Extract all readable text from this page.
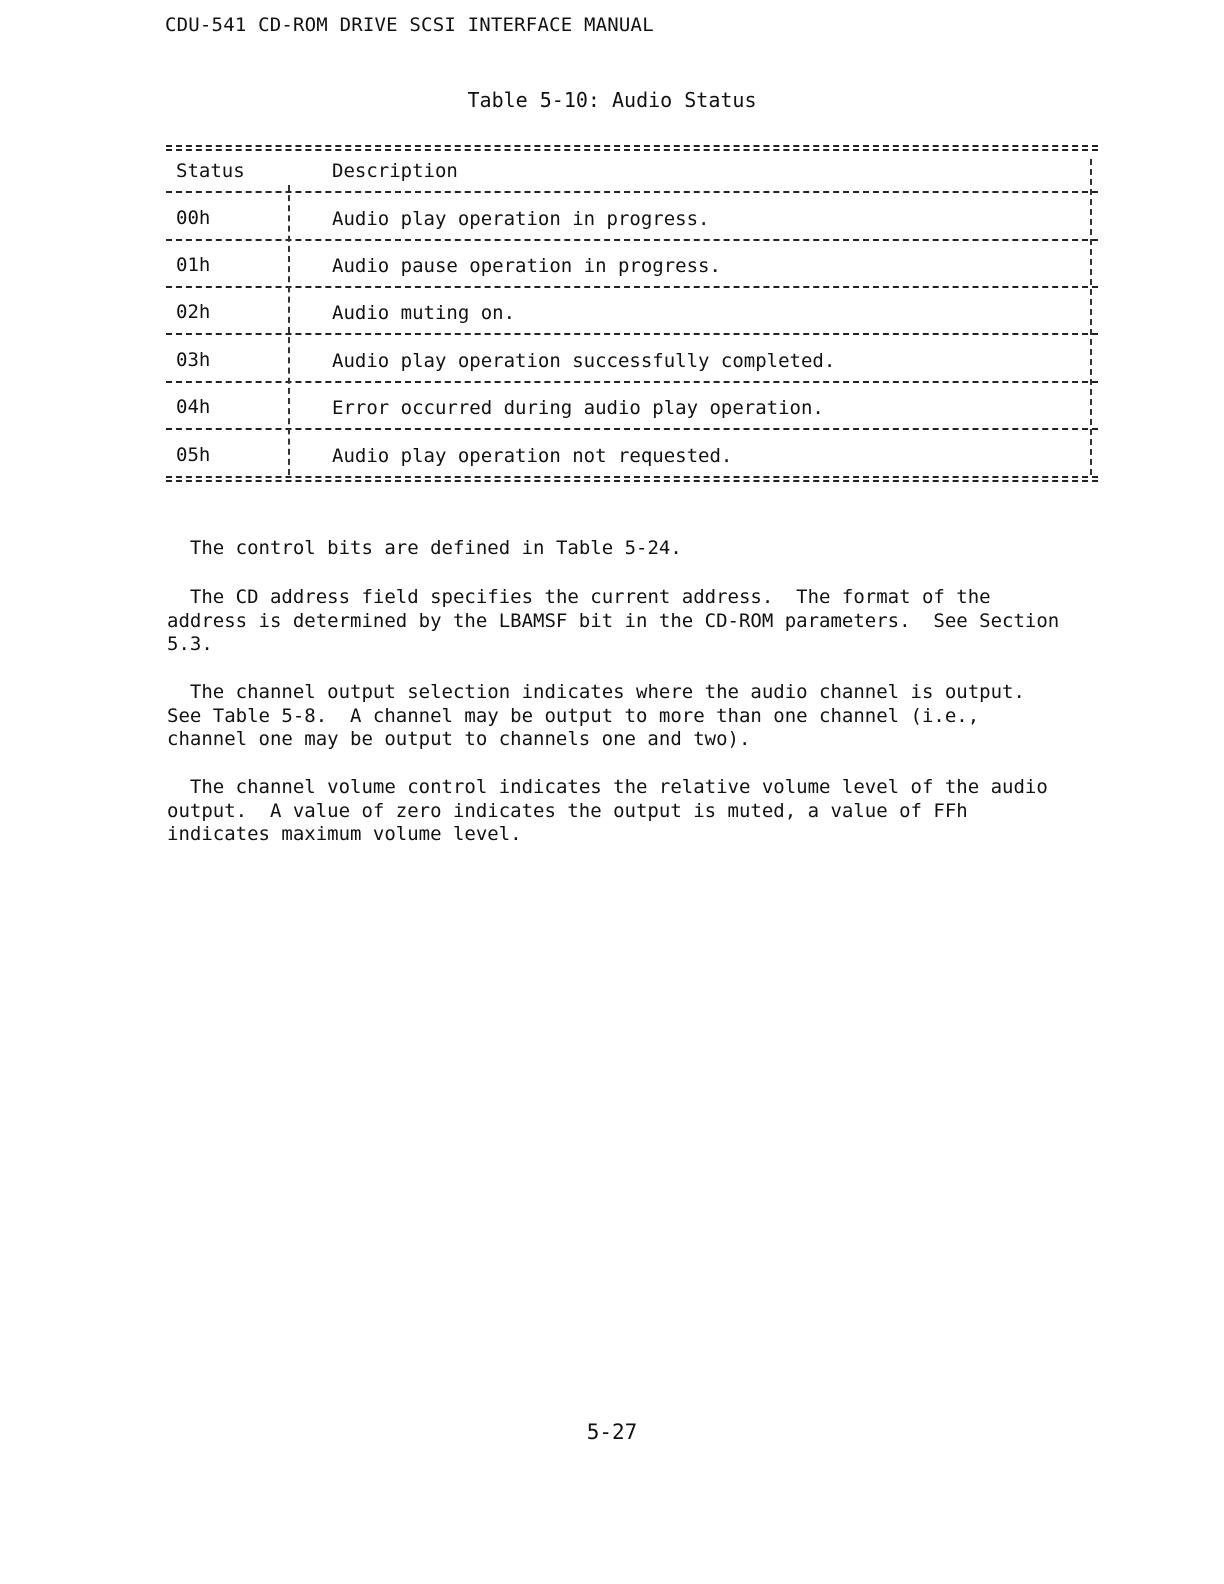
CDU-541 CD-ROM DRIVE SCSI INTERFACE MANUAL
Table 5-10: Audio Status
Status	Description
00h	Audio play operation in progress.
01h	Audio pause operation in progress.
02h	Audio muting on.
03h	Audio play operation successfully completed.
04h	Error occurred during audio play operation.
05h	Audio play operation not requested.
The control bits are defined in Table 5-24.
The CD address field specifies the current address.  The format of the
address is determined by the LBAMSF bit in the CD-ROM parameters.  See Section
5.3.
The channel output selection indicates where the audio channel is output.
See Table 5-8.  A channel may be output to more than one channel (i.e.,
channel one may be output to channels one and two).
The channel volume control indicates the relative volume level of the audio
output.  A value of zero indicates the output is muted, a value of FFh
indicates maximum volume level.
5-27
